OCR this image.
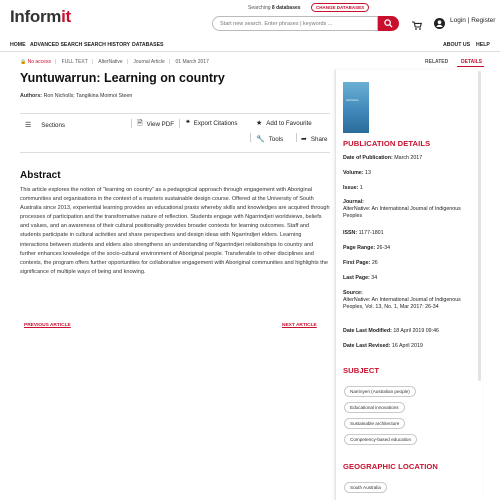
Informit	Searching 8 databases	CHANGE DATABASES
Start new search. Enter phrases | keywords ...	Login | Register
HOME ADVANCED SEARCH SEARCH HISTORY DATABASES	ABOUT US HELP
🔒 No access | FULL TEXT | AlterNative | Journal Article | 01 March 2017	RELATED	DETAILS
Yuntuwarrun: Learning on country
Authors: Ron Nicholls; Tangikina Moimoi Steen
☰ Sections	🗎 View PDF ❝ Export Citations	★ Add to Favourite
🔧 Tools	➦ Share
Abstract
This article explores the notion of “learning on country” as a pedagogical approach through engagement with Aboriginal communities and organisations in the context of a masters sustainable design course. Offered at the University of South Australia since 2013, experiential learning provides an educational praxis whereby skills and knowledges are acquired through processes of participation and the transformative nature of reflection. Students engage with Ngarrindjeri worldviews, beliefs and values, and an awareness of their cultural positionality provides broader contexts for learning outcomes. Staff and students participate in cultural activities and share perspectives and design ideas with Ngarrindjeri elders. Learning interactions between students and elders also strengthens an understanding of Ngarrindjeri relationships to country and further enhances knowledge of the socio-cultural environment of Aboriginal people. Transferable to other disciplines and contexts, the program offers further opportunities for collaborative engagement with Aboriginal communities and highlights the significance of multiple ways of being and knowing.
PREVIOUS ARTICLE	NEXT ARTICLE
AlterNative
PUBLICATION DETAILS
Date of Publication: March 2017
Volume: 13
Issue: 1
Journal:
AlterNative: An International Journal of Indigenous Peoples
ISSN: 1177-1801
Page Range: 26-34
First Page: 26
Last Page: 34
Source:
AlterNative: An International Journal of Indigenous Peoples, Vol. 13, No. 1, Mar 2017: 26-34
Date Last Modified: 18 April 2019 09:46
Date Last Revised: 16 April 2019
SUBJECT
Narrinyeri (Australian people)
Educational innovations
Sustainable architecture
Competency-based education
GEOGRAPHIC LOCATION
South Australia
